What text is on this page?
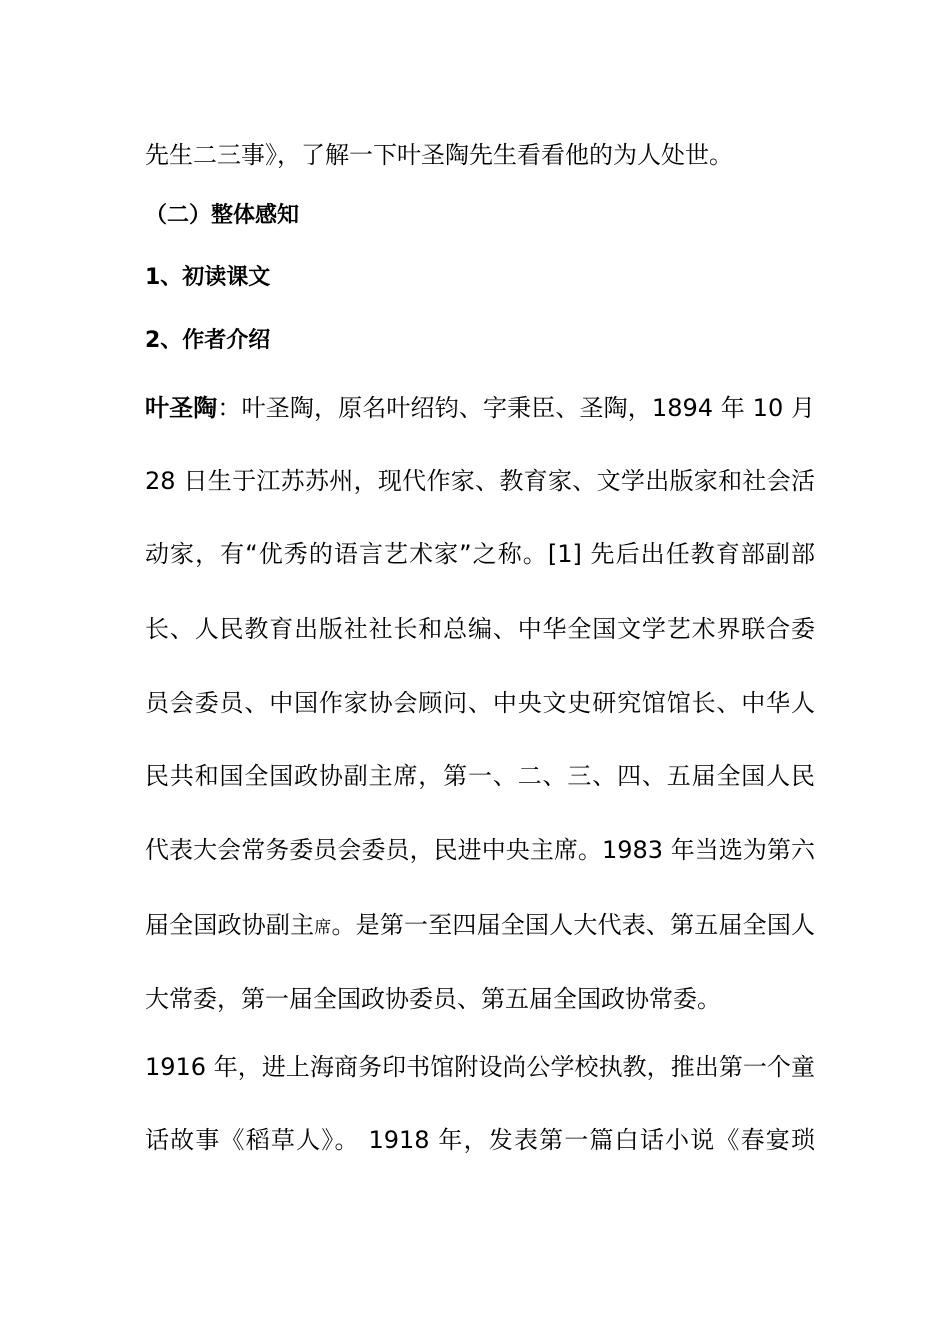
先生二三事》，了解一下叶圣陶先生看看他的为人处世。
（二）整体感知
1、初读课文
2、作者介绍
叶圣陶：叶圣陶，原名叶绍钧、字秉臣、圣陶，1894 年 10 月
28 日生于江苏苏州，现代作家、教育家、文学出版家和社会活
动家，有“优秀的语言艺术家”之称。[1] 先后出任教育部副部
长、人民教育出版社社长和总编、中华全国文学艺术界联合委
员会委员、中国作家协会顾问、中央文史研究馆馆长、中华人
民共和国全国政协副主席，第一、二、三、四、五届全国人民
代表大会常务委员会委员，民进中央主席。1983 年当选为第六
届全国政协副主席。是第一至四届全国人大代表、第五届全国人
大常委，第一届全国政协委员、第五届全国政协常委。
1916 年，进上海商务印书馆附设尚公学校执教，推出第一个童
话故事《稻草人》。 1918 年，发表第一篇白话小说《春宴琐
